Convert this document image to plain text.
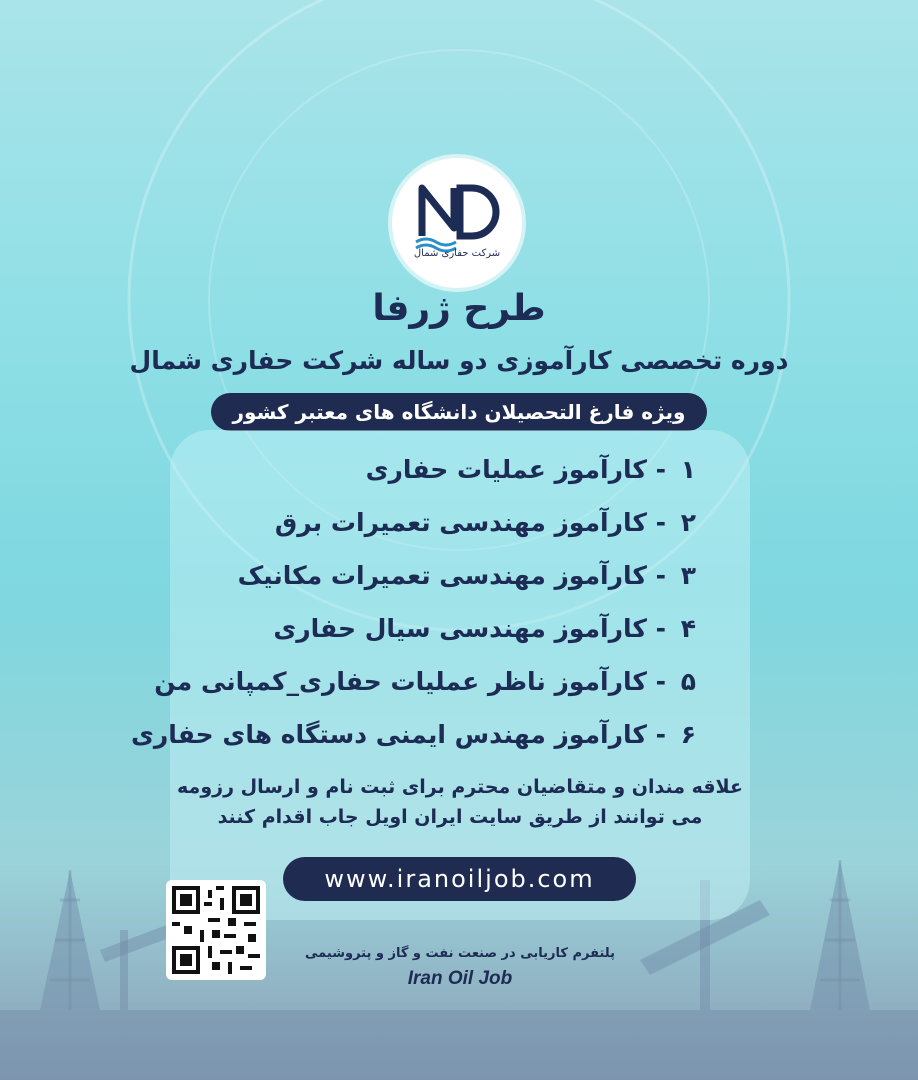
شرکت حفاری شمال
طرح ژرفا
دوره تخصصی کارآموزی دو ساله شرکت حفاری شمال
ویژه فارغ التحصیلان دانشگاه های معتبر کشور
۱ - کارآموز عملیات حفاری
۲ - کارآموز مهندسی تعمیرات برق
۳ - کارآموز مهندسی تعمیرات مکانیک
۴ - کارآموز مهندسی سیال حفاری
۵ - کارآموز ناظر عملیات حفاری_کمپانی من
۶ - کارآموز مهندس ایمنی دستگاه های حفاری
علاقه مندان و متقاضیان محترم برای ثبت نام و ارسال رزومه
می توانند از طریق سایت ایران اویل جاب اقدام کنند
www.iranoiljob.com
پلتفرم کاریابی در صنعت نفت و گاز و پتروشیمی
Iran Oil Job
